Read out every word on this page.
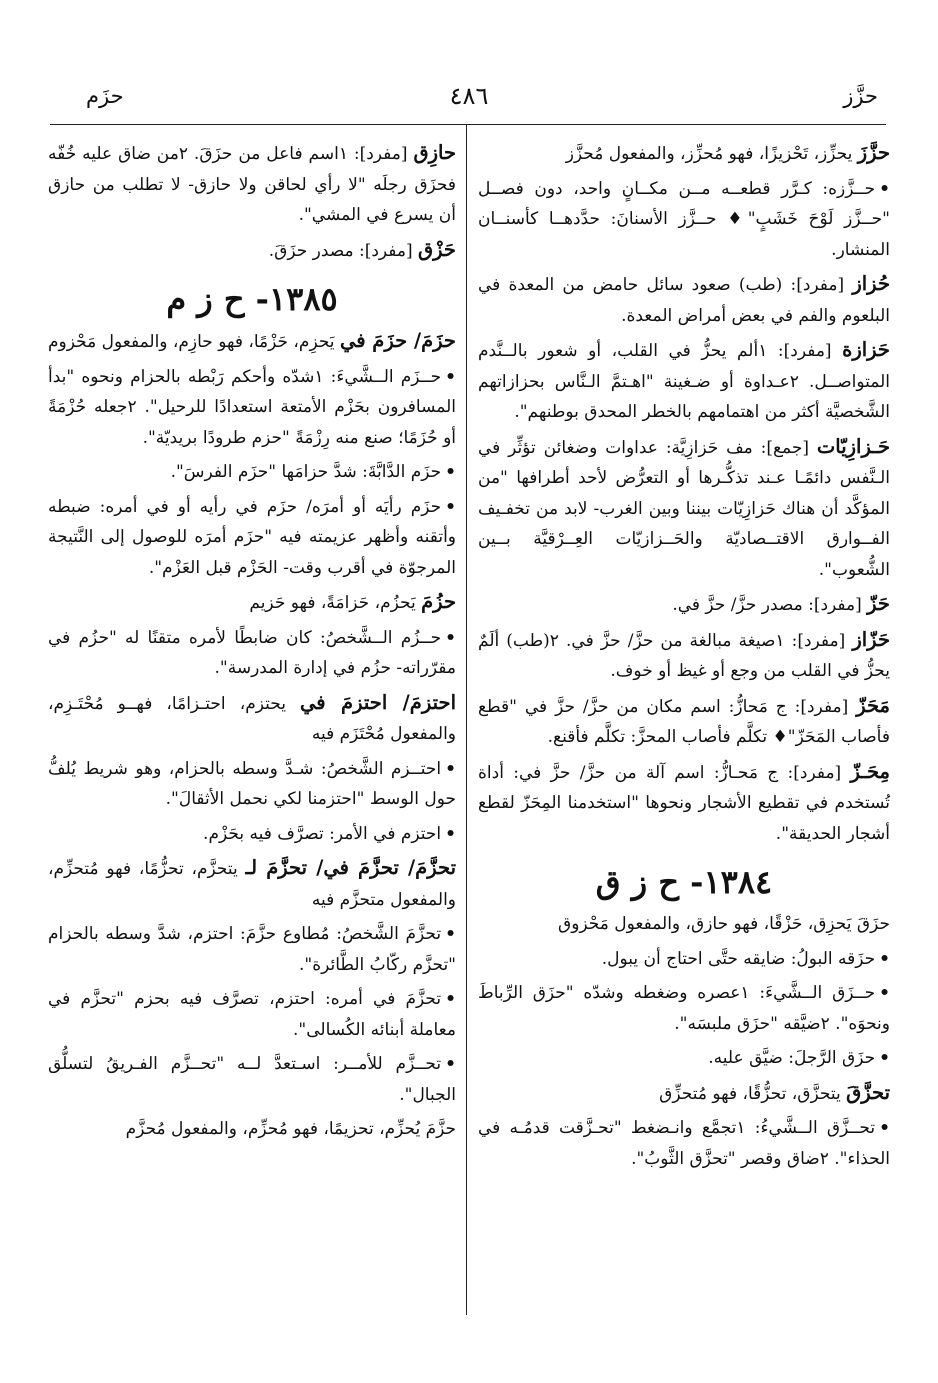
حزَم	٤٨٦	حزَّز
حزَّزَ يحزِّز، تَحْزيزًا، فهو مُحزِّز، والمفعول مُحزَّز
•حــزَّزه: كـرَّر قطعــه مــن مكــانٍ واحد، دون فصــل "حــزَّز لَوْحَ خَشَبٍ"♦ حــزَّز الأسنانَ: حدَّدهــا كأسنــان المنشار.
حُزاز [مفرد]: (طب) صعود سائل حامض من المعدة في البلعوم والفم في بعض أمراض المعدة.
حَزازة [مفرد]: ١ألم يحزُّ في القلب، أو شعور بالــنَّدم المتواصــل. ٢عـداوة أو ضـغينة "اهـتمَّ الـنَّاس بحزازاتهم الشَّخصيَّة أكثر من اهتمامهم بالخطر المحدق بوطنهم".
حَـزازِيّات [جمع]: مف حَزازِيَّة: عداوات وضغائن تؤثِّر في الـنَّفس دائمًـا عـند تذكُّـرها أو التعرُّض لأحد أطرافها "من المؤكَّد أن هناك حَزازِيّات بيننا وبين الغرب- لابد من تخفـيف الفــوارق الاقتــصاديّة والحَــزازيّات العِــرْقيَّة بــين الشُّعوب".
حَزّ [مفرد]: مصدر حزَّ/ حزَّ في.
حَزّاز [مفرد]: ١صيغة مبالغة من حزَّ/ حزَّ في. ٢(طب) ألَمٌ يحزُّ في القلب من وجع أو غيظ أو خوف.
مَحَزّ [مفرد]: ج مَحازُّ: اسم مكان من حزَّ/ حزَّ في "قطع فأصاب المَحَزّ"♦ تكلَّم فأصاب المحزَّ: تكلَّم فأقنع.
مِحَـزّ [مفرد]: ج مَحـازُّ: اسم آلة من حزَّ/ حزَّ في: أداة تُستخدم في تقطيع الأشجار ونحوها "استخدمنا المِحَزّ لقطع أشجار الحديقة".
١٣٨٤- ح ز ق
حزَقَ يَحزِق، حَزْقًا، فهو حازق، والمفعول مَحْزوق
•حزَقه البولُ: ضايقه حتَّى احتاج أن يبول.
•حــزَق الــشَّيءَ: ١عصره وضغطه وشدّه "حزَق الرِّباطَ ونحوَه". ٢ضيَّقه "حزَق ملبسَه".
•حزَق الرَّجلَ: ضيَّق عليه.
تحزَّقَ يتحزَّق، تحزُّقًا، فهو مُتحزِّق
•تحــزَّق الــشَّيءُ: ١تجمَّع وانـضغط "تحـزَّقت قدمُـه في الحذاء". ٢ضاق وقصر "تحزَّق الثَّوبُ".
حازِق [مفرد]: ١اسم فاعل من حزَقَ. ٢من ضاق عليه خُفّه فحزَق رجلَه "لا رأي لحاقن ولا حازق- لا تطلب من حازق أن يسرع في المشي".
حَزْق [مفرد]: مصدر حزَقَ.
١٣٨٥- ح ز م
حزَمَ/ حزَمَ في يَحزِم، حَزْمًا، فهو حازِم، والمفعول مَحْزوم
•حــزَم الــشَّيءَ: ١شدّه وأحكم رَبْطه بالحزام ونحوه "بدأ المسافرون بحَزْم الأمتعة استعدادًا للرحيل". ٢جعله حُزْمَةً أو حُزَمًا؛ صنع منه رِزْمَةً "حزم طرودًا بريديّة".
•حزَم الدَّابَّةَ: شدَّ حزامَها "حزَم الفرسَ".
•حزَم رأيَه أو أمرَه/ حزَم في رأيه أو في أمره: ضبطه وأتقنه وأظهر عزيمته فيه "حزَم أمرَه للوصول إلى النَّتيجة المرجوّة في أقرب وقت- الحَزْم قبل العَزْم".
حزُمَ يَحزُم، حَزامَةً، فهو حَزيم
•حــزُم الــشَّخصُ: كان ضابطًا لأمره متقنًا له "حزُم في مقرّراته- حزُم في إدارة المدرسة".
احتزمَ/ احتزمَ في يحتزم، احتـزامًا، فهــو مُحْتَـزِم، والمفعول مُحْتَزَم فيه
•احتــزم الشَّخصُ: شـدَّ وسطه بالحزام، وهو شريط يُلفُّ حول الوسط "احتزمنا لكي نحمل الأثقالَ".
•احتزم في الأمر: تصرَّف فيه بحَزْم.
تحزَّمَ/ تحزَّمَ في/ تحزَّمَ لـ يتحزَّم، تحزُّمًا، فهو مُتحزِّم، والمفعول متحزَّم فيه
•تحزَّمَ الشَّخصُ: مُطاوع حزَّمَ: احتزم، شدَّ وسطه بالحزام "تحزَّم ركّابُ الطَّائرة".
•تحزَّمَ في أمره: احتزم، تصرَّف فيه بحزم "تحزَّم في معاملة أبنائه الكُسالى".
•تحــزَّم للأمــر: اسـتعدَّ لــه "تحــزَّم الفـريقُ لتسلُّق الجبال".
حزَّمَ يُحزِّم، تحزيمًا، فهو مُحزِّم، والمفعول مُحزَّم
